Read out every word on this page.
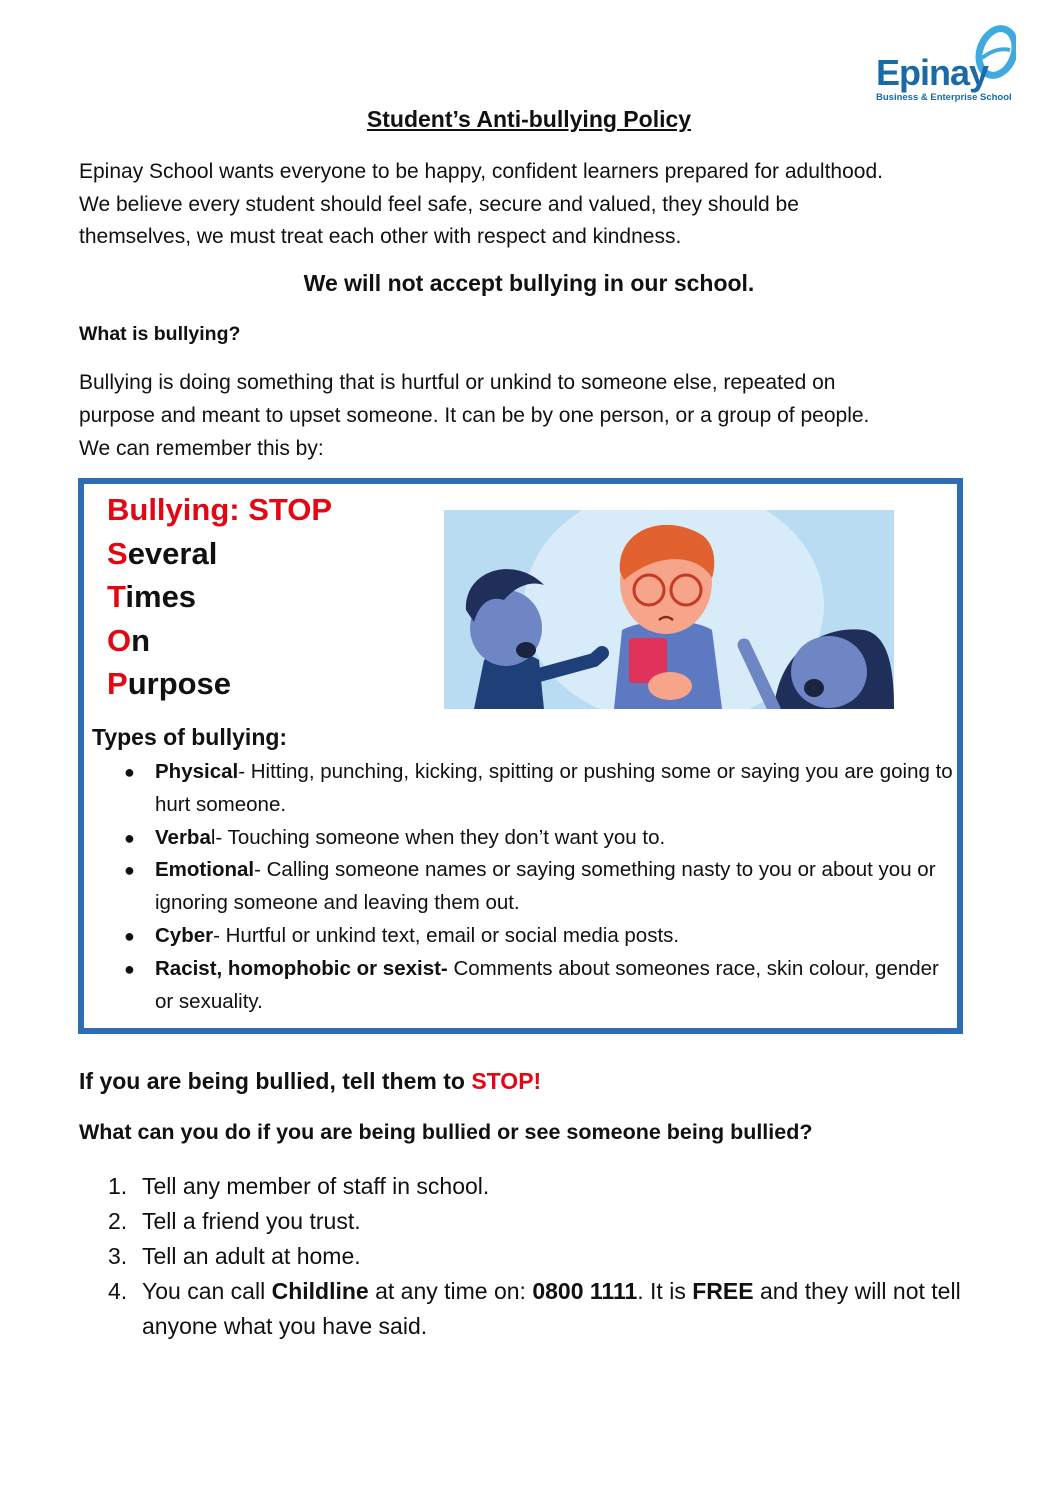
Epinay
Business & Enterprise School
Student’s Anti-bullying Policy
Epinay School wants everyone to be happy, confident learners prepared for adulthood.
We believe every student should feel safe, secure and valued, they should be
themselves, we must treat each other with respect and kindness.
We will not accept bullying in our school.
What is bullying?
Bullying is doing something that is hurtful or unkind to someone else, repeated on
purpose and meant to upset someone. It can be by one person, or a group of people.
We can remember this by:
Bullying: STOP
Several
Times
On
Purpose
Types of bullying:
● Physical- Hitting, punching, kicking, spitting or pushing some or saying you are going to hurt someone.
● Verbal- Touching someone when they don’t want you to.
● Emotional- Calling someone names or saying something nasty to you or about you or ignoring someone and leaving them out.
● Cyber- Hurtful or unkind text, email or social media posts.
● Racist, homophobic or sexist- Comments about someones race, skin colour, gender or sexuality.
If you are being bullied, tell them to STOP!
What can you do if you are being bullied or see someone being bullied?
1. Tell any member of staff in school.
2. Tell a friend you trust.
3. Tell an adult at home.
4. You can call Childline at any time on: 0800 1111. It is FREE and they will not tell anyone what you have said.
